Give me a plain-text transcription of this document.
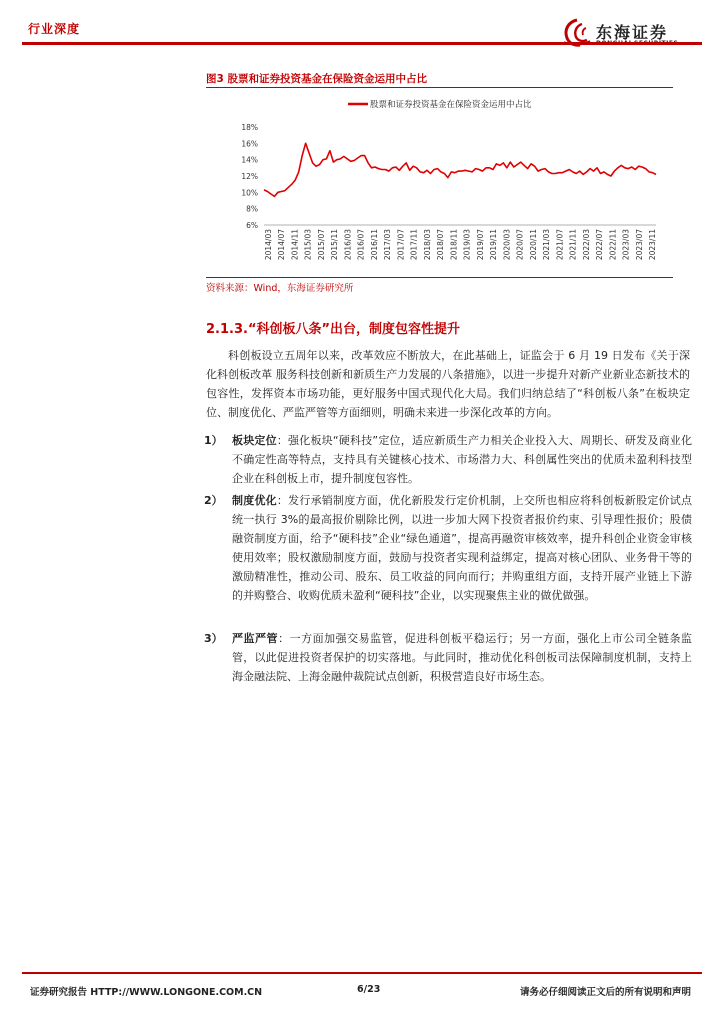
行业深度	东海证券
图3 股票和证券投资基金在保险资金运用中占比
股票和证券投资基金在保险资金运用中占比
18%
16%
14%
12%
10%
8%
6%
2014/03 2014/07 2014/11 2015/03 2015/07 2015/11 2016/03 2016/07 2016/11 2017/03 2017/07 2017/11 2018/03 2018/07 2018/11 2019/03 2019/07 2019/11 2020/03 2020/07 2020/11 2021/03 2021/07 2021/11 2022/03 2022/07 2022/11 2023/03 2023/07 2023/11
资料来源：Wind，东海证券研究所
2.1.3.“科创板八条”出台，制度包容性提升
科创板设立五周年以来，改革效应不断放大，在此基础上，证监会于 6 月 19 日发布《关于深化科创板改革 服务科技创新和新质生产力发展的八条措施》，以进一步提升对新产业新业态新技术的包容性，发挥资本市场功能，更好服务中国式现代化大局。我们归纳总结了“科创板八条”在板块定位、制度优化、严监严管等方面细则，明确未来进一步深化改革的方向。
1） 板块定位：强化板块“硬科技”定位，适应新质生产力相关企业投入大、周期长、研发及商业化不确定性高等特点，支持具有关键核心技术、市场潜力大、科创属性突出的优质未盈利科技型企业在科创板上市，提升制度包容性。
2） 制度优化：发行承销制度方面，优化新股发行定价机制，上交所也相应将科创板新股定价试点统一执行 3%的最高报价剔除比例，以进一步加大网下投资者报价约束、引导理性报价；股债融资制度方面，给予“硬科技”企业“绿色通道”，提高再融资审核效率，提升科创企业资金审核使用效率；股权激励制度方面，鼓励与投资者实现利益绑定，提高对核心团队、业务骨干等的激励精准性，推动公司、股东、员工收益的同向而行；并购重组方面，支持开展产业链上下游的并购整合、收购优质未盈利“硬科技”企业，以实现聚焦主业的做优做强。
3） 严监严管：一方面加强交易监管，促进科创板平稳运行；另一方面，强化上市公司全链条监管，以此促进投资者保护的切实落地。与此同时，推动优化科创板司法保障制度机制，支持上海金融法院、上海金融仲裁院试点创新，积极营造良好市场生态。
证券研究报告 HTTP://WWW.LONGONE.COM.CN	6/23	请务必仔细阅读正文后的所有说明和声明
